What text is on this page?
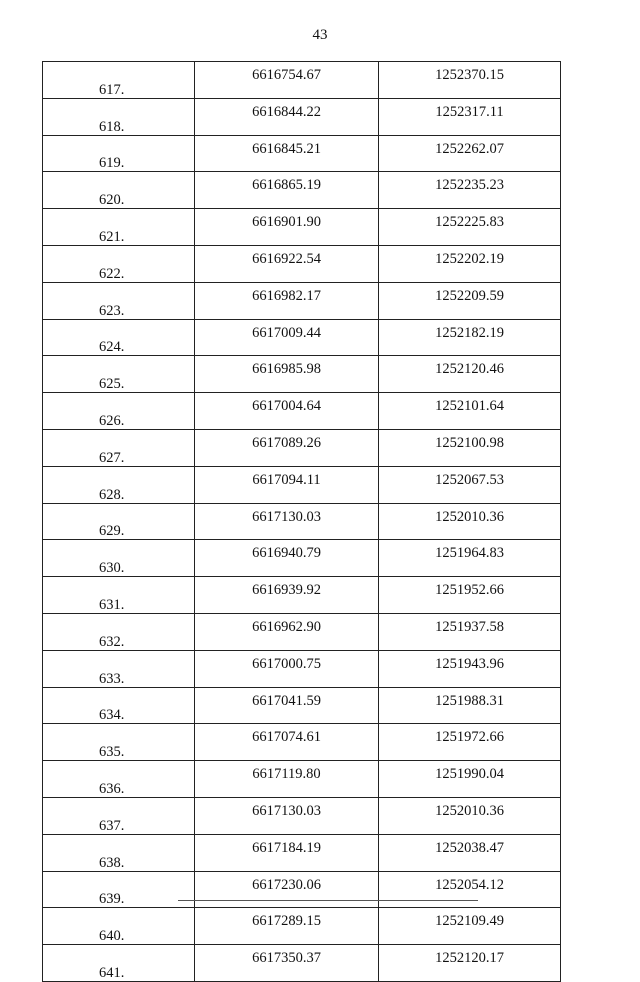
43
617.	6616754.67	1252370.15
618.	6616844.22	1252317.11
619.	6616845.21	1252262.07
620.	6616865.19	1252235.23
621.	6616901.90	1252225.83
622.	6616922.54	1252202.19
623.	6616982.17	1252209.59
624.	6617009.44	1252182.19
625.	6616985.98	1252120.46
626.	6617004.64	1252101.64
627.	6617089.26	1252100.98
628.	6617094.11	1252067.53
629.	6617130.03	1252010.36
630.	6616940.79	1251964.83
631.	6616939.92	1251952.66
632.	6616962.90	1251937.58
633.	6617000.75	1251943.96
634.	6617041.59	1251988.31
635.	6617074.61	1251972.66
636.	6617119.80	1251990.04
637.	6617130.03	1252010.36
638.	6617184.19	1252038.47
639.	6617230.06	1252054.12
640.	6617289.15	1252109.49
641.	6617350.37	1252120.17
